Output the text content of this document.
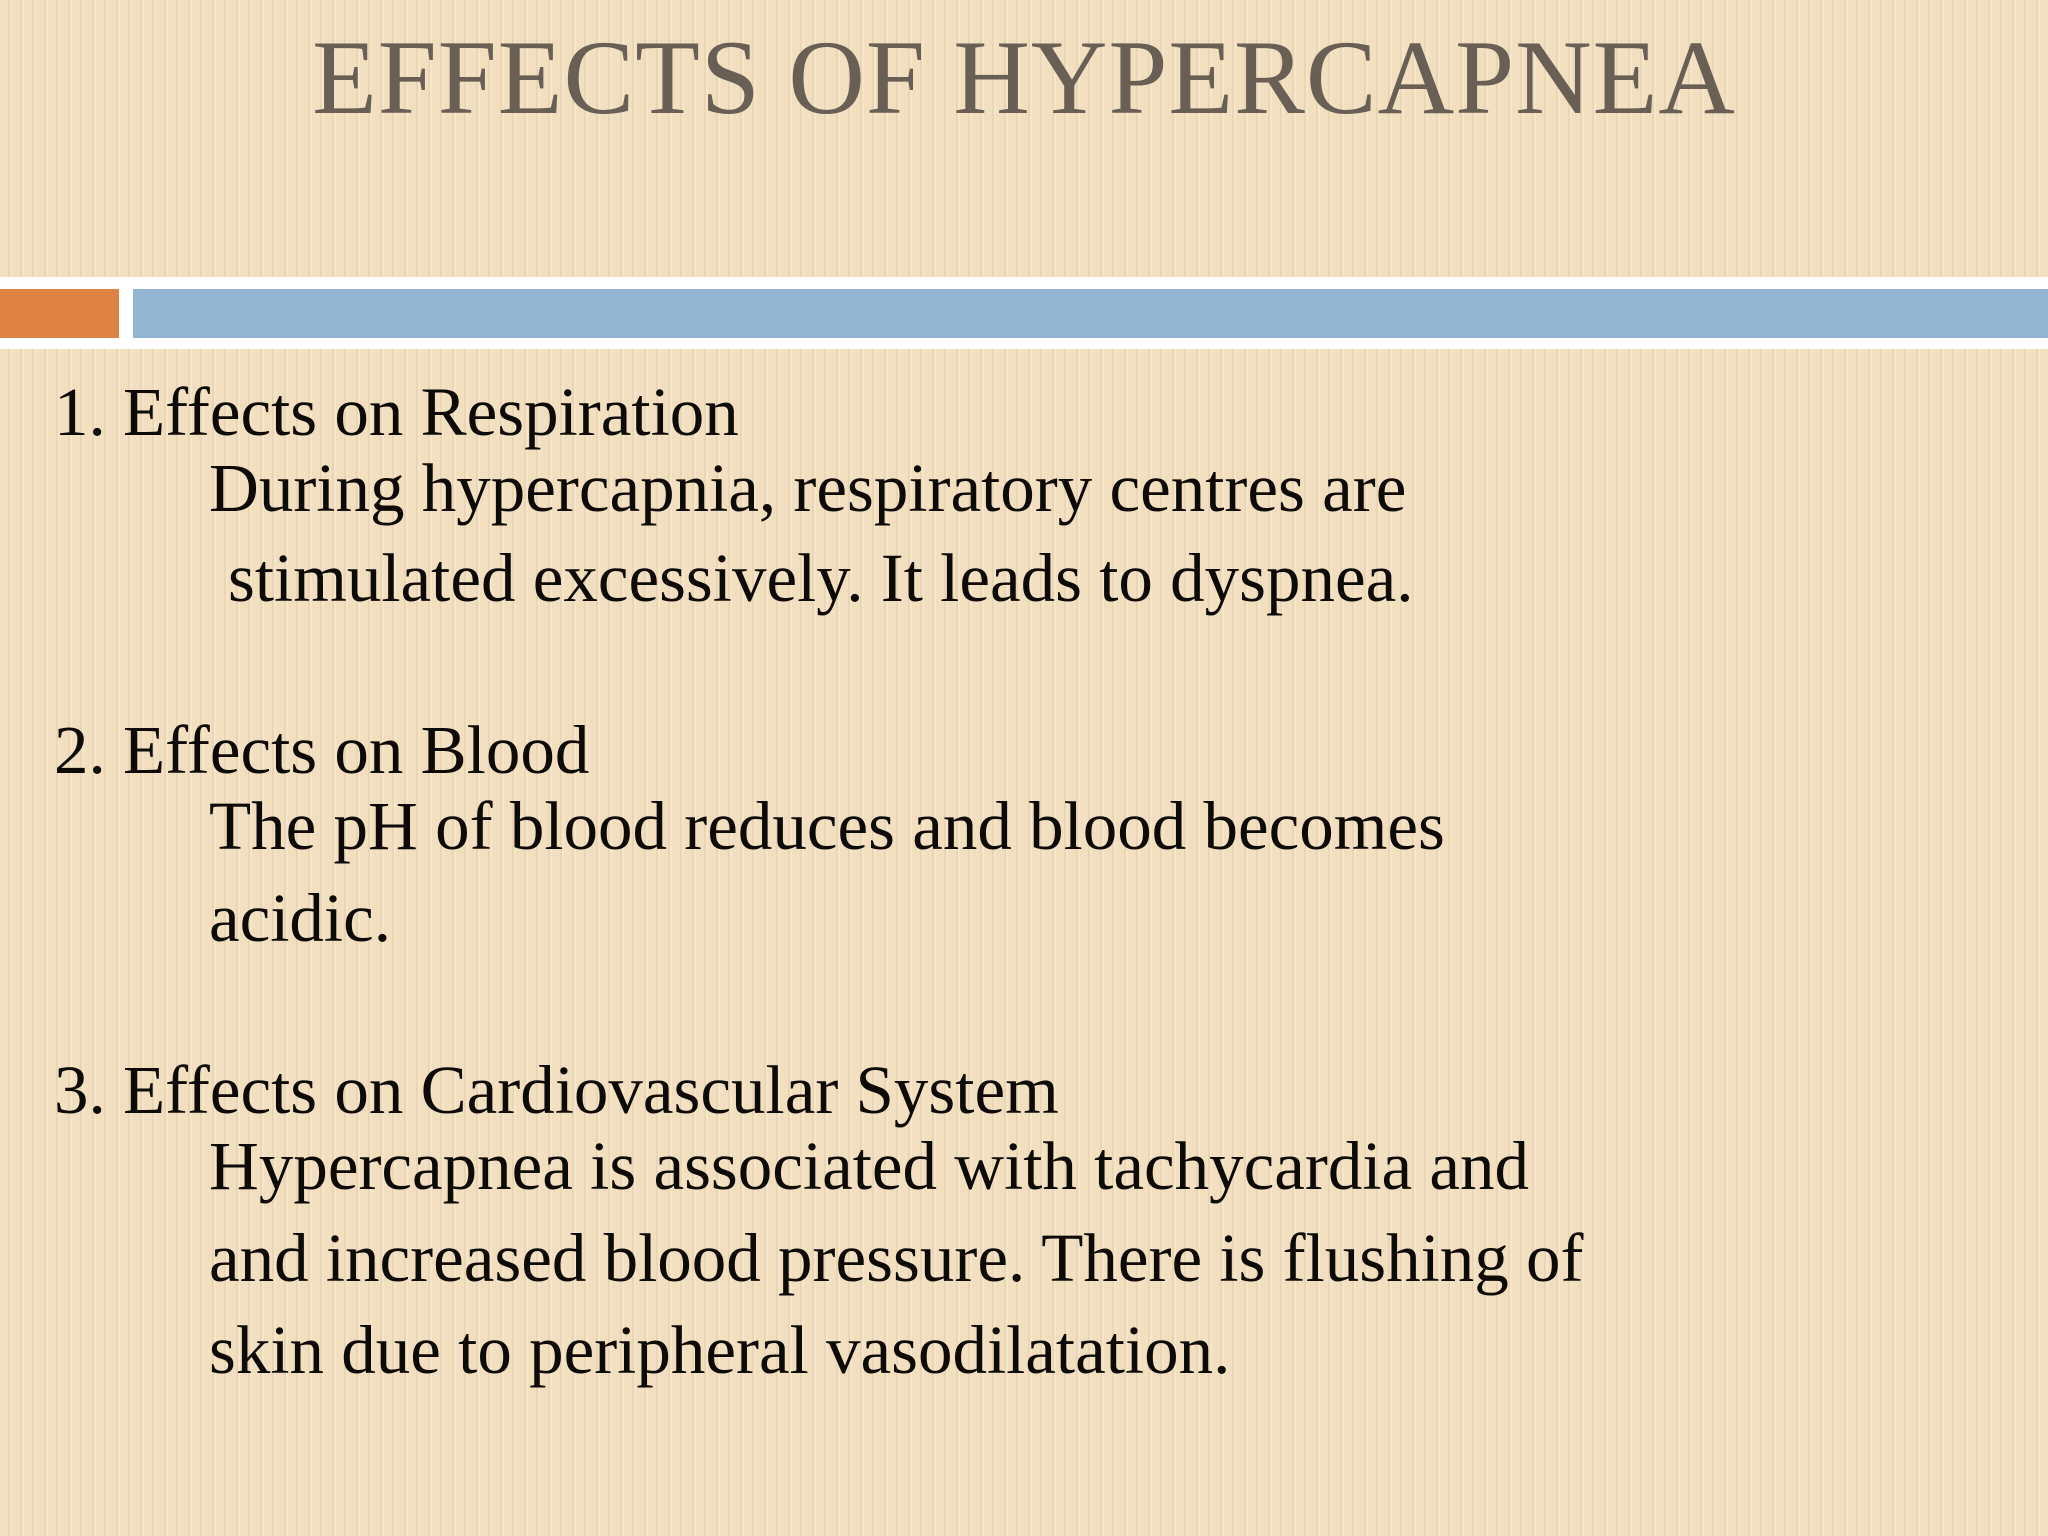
EFFECTS OF HYPERCAPNEA
1. Effects on Respiration
During hypercapnia, respiratory centres are
stimulated excessively. It leads to dyspnea.
2. Effects on Blood
The pH of blood reduces and blood becomes
acidic.
3. Effects on Cardiovascular System
Hypercapnea is associated with tachycardia and
and increased blood pressure. There is flushing of
skin due to peripheral vasodilatation.
